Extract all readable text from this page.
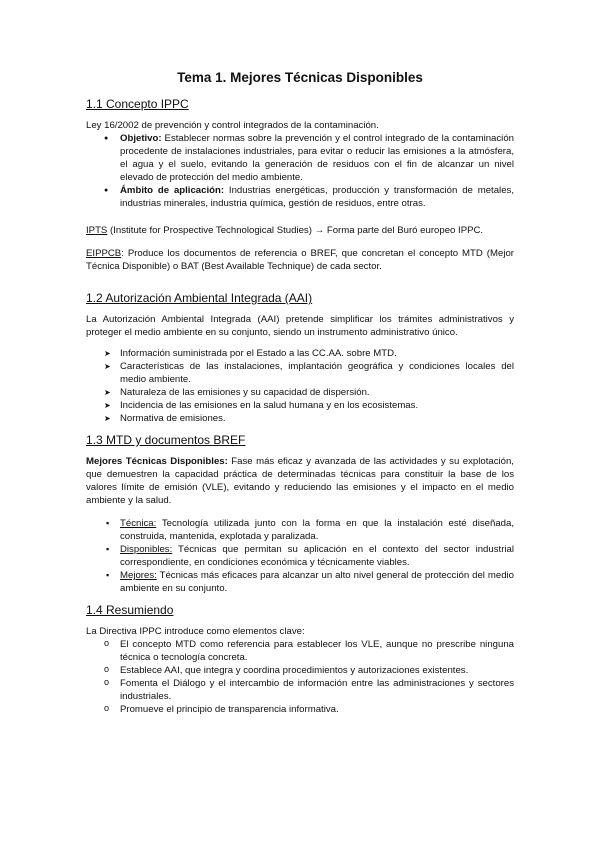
Tema 1. Mejores Técnicas Disponibles
1.1 Concepto IPPC

Ley 16/2002 de prevención y control integrados de la contaminación.

● Objetivo: Establecer normas sobre la prevención y el control integrado de la contaminación procedente de instalaciones industriales, para evitar o reducir las emisiones a la atmósfera, el agua y el suelo, evitando la generación de residuos con el fin de alcanzar un nivel elevado de protección del medio ambiente.
● Ámbito de aplicación: Industrias energéticas, producción y transformación de metales, industrias minerales, industria química, gestión de residuos, entre otras.

IPTS (Institute for Prospective Technological Studies) → Forma parte del Buró europeo IPPC.

EIPPCB: Produce los documentos de referencia o BREF, que concretan el concepto MTD (Mejor Técnica Disponible) o BAT (Best Available Technique) de cada sector.

1.2 Autorización Ambiental Integrada (AAI)

La Autorización Ambiental Integrada (AAI) pretende simplificar los trámites administrativos y proteger el medio ambiente en su conjunto, siendo un instrumento administrativo único.

➤ Información suministrada por el Estado a las CC.AA. sobre MTD.
➤ Características de las instalaciones, implantación geográfica y condiciones locales del medio ambiente.
➤ Naturaleza de las emisiones y su capacidad de dispersión.
➤ Incidencia de las emisiones en la salud humana y en los ecosistemas.
➤ Normativa de emisiones.
1.3 MTD y documentos BREF

Mejores Técnicas Disponibles: Fase más eficaz y avanzada de las actividades y su explotación, que demuestren la capacidad práctica de determinadas técnicas para constituir la base de los valores límite de emisión (VLE), evitando y reduciendo las emisiones y el impacto en el medio ambiente y la salud.

▪ Técnica: Tecnología utilizada junto con la forma en que la instalación esté diseñada, construida, mantenida, explotada y paralizada.
▪ Disponibles: Técnicas que permitan su aplicación en el contexto del sector industrial correspondiente, en condiciones económica y técnicamente viables.
▪ Mejores: Técnicas más eficaces para alcanzar un alto nivel general de protección del medio ambiente en su conjunto.
1.4 Resumiendo

La Directiva IPPC introduce como elementos clave:

o El concepto MTD como referencia para establecer los VLE, aunque no prescribe ninguna técnica o tecnología concreta.
o Establece AAI, que integra y coordina procedimientos y autorizaciones existentes.
o Fomenta el Diálogo y el intercambio de información entre las administraciones y sectores industriales.
o Promueve el principio de transparencia informativa.
